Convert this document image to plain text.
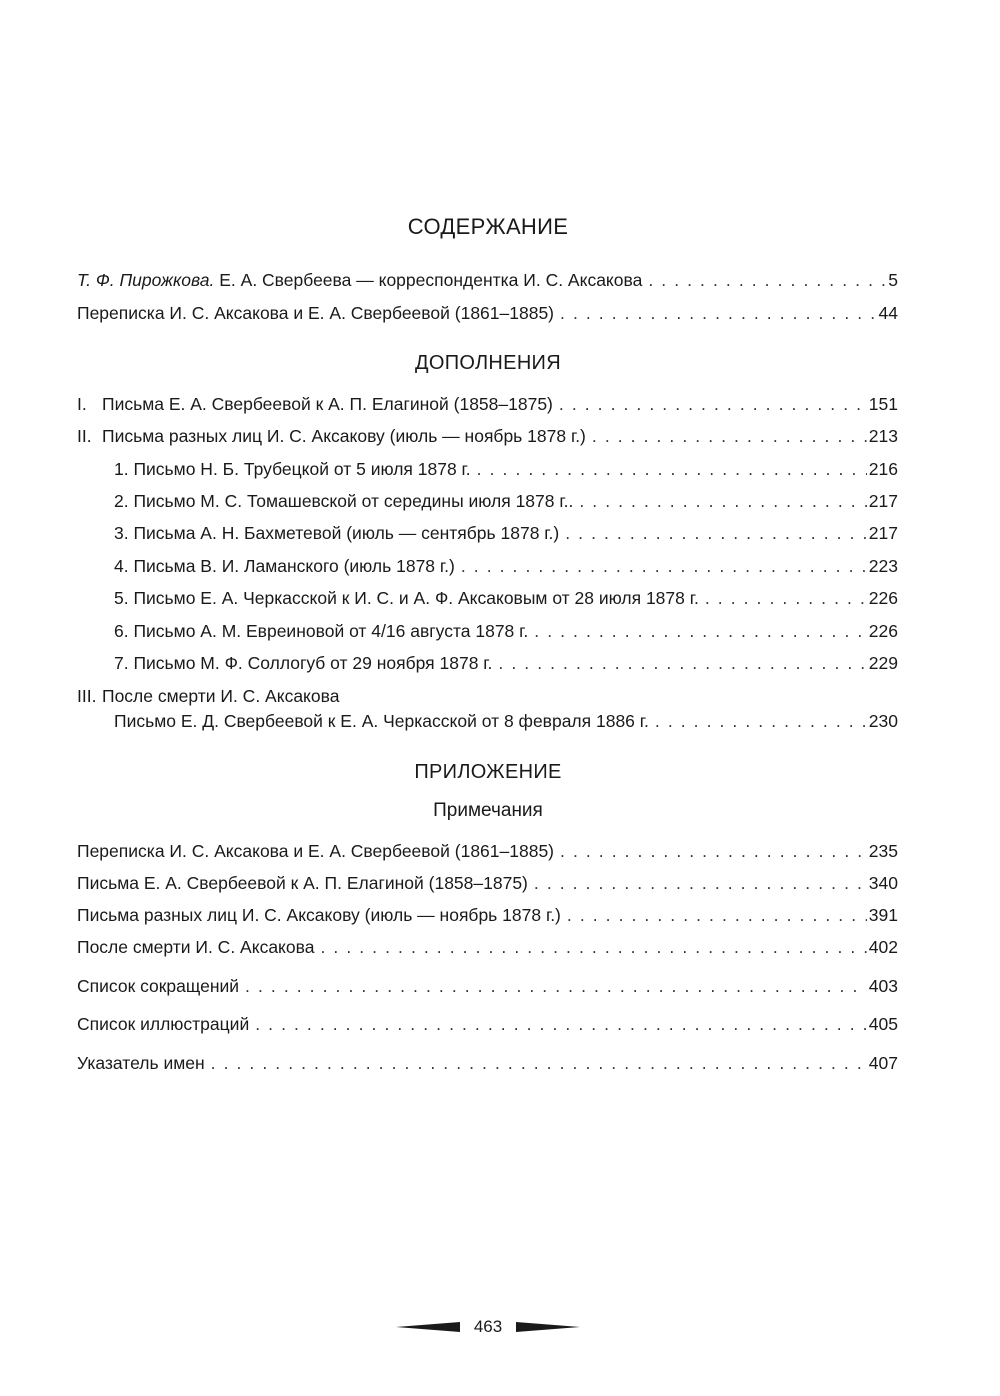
СОДЕРЖАНИЕ
Т. Ф. Пирожкова. Е. А. Свербеева — корреспондентка И. С. Аксакова . . .	5
Переписка И. С. Аксакова и Е. А. Свербеевой (1861–1885) . . .	44
ДОПОЛНЕНИЯ
I. Письма Е. А. Свербеевой к А. П. Елагиной (1858–1875) . . .	151
II. Письма разных лиц И. С. Аксакову (июль — ноябрь 1878 г.) . . .	213
1. Письмо Н. Б. Трубецкой от 5 июля 1878 г. . . .	216
2. Письмо М. С. Томашевской от середины июля 1878 г.. . . .	217
3. Письма А. Н. Бахметевой (июль — сентябрь 1878 г.) . . .	217
4. Письма В. И. Ламанского (июль 1878 г.) . . .	223
5. Письмо Е. А. Черкасской к И. С. и А. Ф. Аксаковым от 28 июля 1878 г. . . .	226
6. Письмо А. М. Евреиновой от 4/16 августа 1878 г. . . .	226
7. Письмо М. Ф. Соллогуб от 29 ноября 1878 г. . . .	229
III. После смерти И. С. Аксакова
Письмо Е. Д. Свербеевой к Е. А. Черкасской от 8 февраля 1886 г. . . .	230
ПРИЛОЖЕНИЕ
Примечания
Переписка И. С. Аксакова и Е. А. Свербеевой (1861–1885) . . .	235
Письма Е. А. Свербеевой к А. П. Елагиной (1858–1875) . . .	340
Письма разных лиц И. С. Аксакову (июль — ноябрь 1878 г.) . . .	391
После смерти И. С. Аксакова . . .	402
Список сокращений . . .	403
Список иллюстраций . . .	405
Указатель имен . . .	407
463
